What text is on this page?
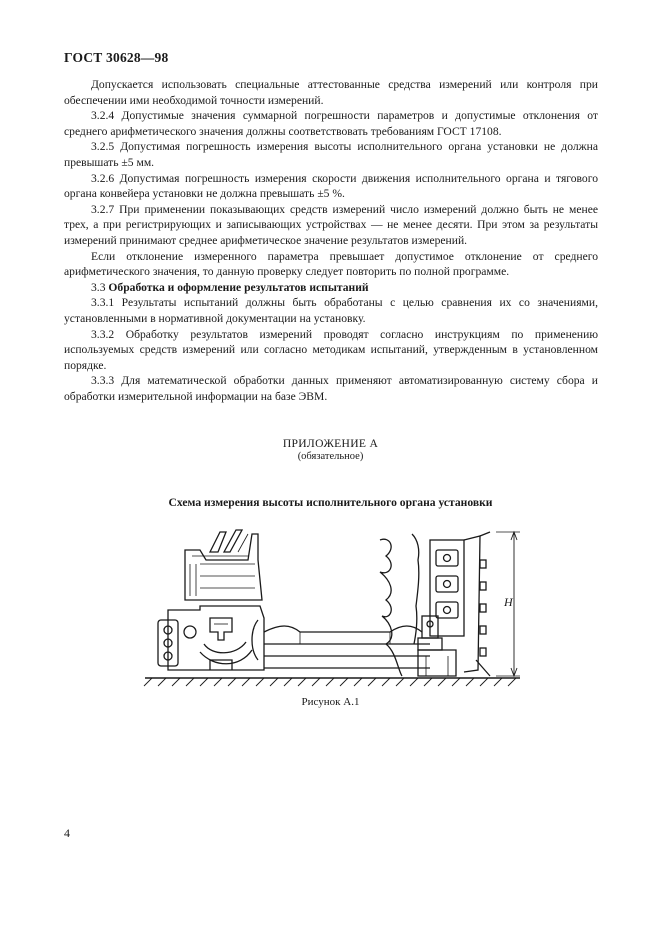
ГОСТ 30628—98

Допускается использовать специальные аттестованные средства измерений или контроля при обеспечении ими необходимой точности измерений.

3.2.4 Допустимые значения суммарной погрешности параметров и допустимые отклонения от среднего арифметического значения должны соответствовать требованиям ГОСТ 17108.

3.2.5 Допустимая погрешность измерения высоты исполнительного органа установки не должна превышать ±5 мм.

3.2.6 Допустимая погрешность измерения скорости движения исполнительного органа и тягового органа конвейера установки не должна превышать ±5 %.

3.2.7 При применении показывающих средств измерений число измерений должно быть не менее трех, а при регистрирующих и записывающих устройствах — не менее десяти. При этом за результаты измерений принимают среднее арифметическое значение результатов измерений.

Если отклонение измеренного параметра превышает допустимое отклонение от среднего арифметического значения, то данную проверку следует повторить по полной программе.

3.3 Обработка и оформление результатов испытаний

3.3.1 Результаты испытаний должны быть обработаны с целью сравнения их со значениями, установленными в нормативной документации на установку.

3.3.2 Обработку результатов измерений проводят согласно инструкциям по применению используемых средств измерений или согласно методикам испытаний, утвержденным в установленном порядке.

3.3.3 Для математической обработки данных применяют автоматизированную систему сбора и обработки измерительной информации на базе ЭВМ.

ПРИЛОЖЕНИЕ А
(обязательное)
Схема измерения высоты исполнительного органа установки
H
Рисунок А.1
4
